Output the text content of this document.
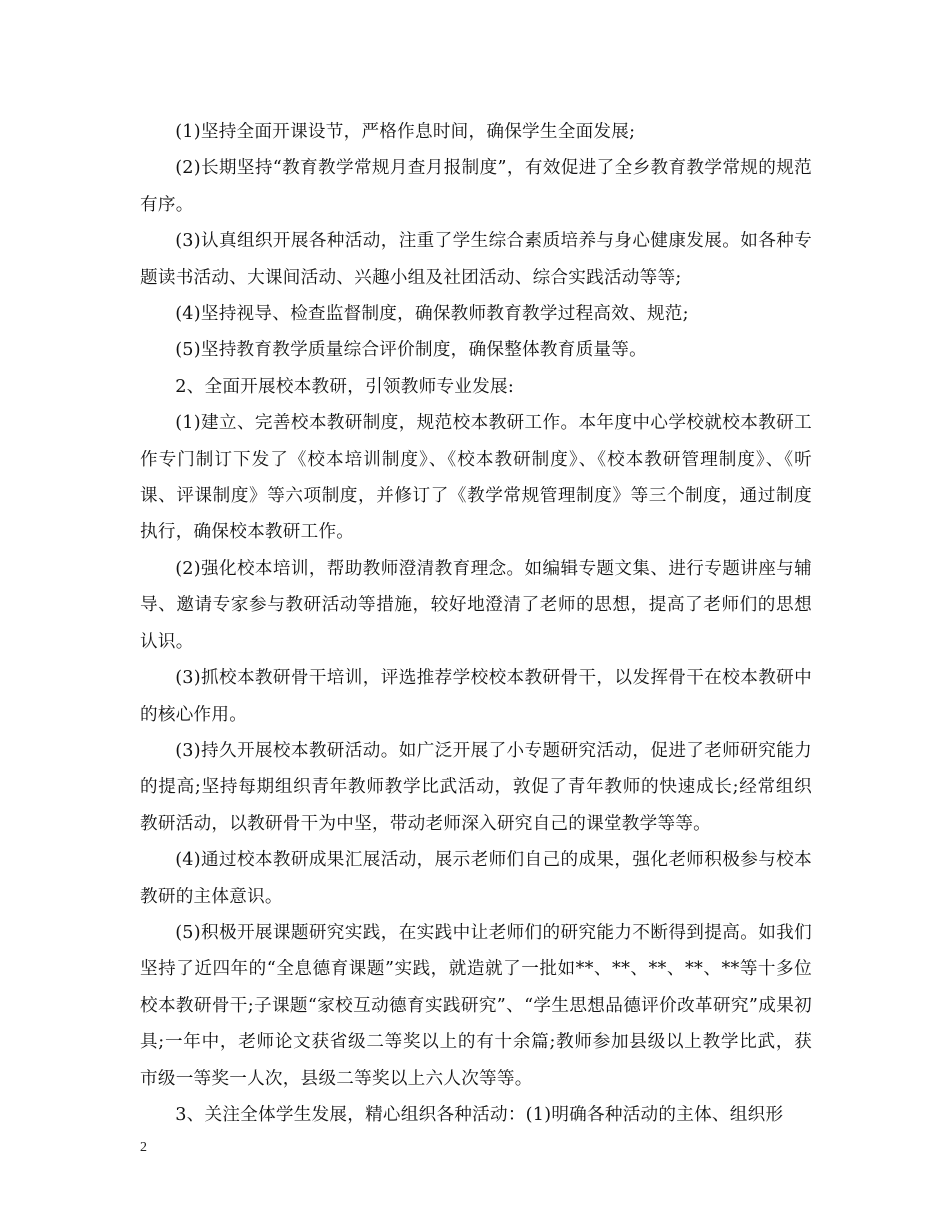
(1)坚持全面开课设节，严格作息时间，确保学生全面发展;

(2)长期坚持“教育教学常规月查月报制度”，有效促进了全乡教育教学常规的规范有序。

(3)认真组织开展各种活动，注重了学生综合素质培养与身心健康发展。如各种专题读书活动、大课间活动、兴趣小组及社团活动、综合实践活动等等;

(4)坚持视导、检查监督制度，确保教师教育教学过程高效、规范;

(5)坚持教育教学质量综合评价制度，确保整体教育质量等。

2、全面开展校本教研，引领教师专业发展:

(1)建立、完善校本教研制度，规范校本教研工作。本年度中心学校就校本教研工作专门制订下发了《校本培训制度》、《校本教研制度》、《校本教研管理制度》、《听课、评课制度》等六项制度，并修订了《教学常规管理制度》等三个制度，通过制度执行，确保校本教研工作。

(2)强化校本培训，帮助教师澄清教育理念。如编辑专题文集、进行专题讲座与辅导、邀请专家参与教研活动等措施，较好地澄清了老师的思想，提高了老师们的思想认识。

(3)抓校本教研骨干培训，评选推荐学校校本教研骨干，以发挥骨干在校本教研中的核心作用。

(3)持久开展校本教研活动。如广泛开展了小专题研究活动，促进了老师研究能力的提高;坚持每期组织青年教师教学比武活动，敦促了青年教师的快速成长;经常组织教研活动，以教研骨干为中坚，带动老师深入研究自己的课堂教学等等。

(4)通过校本教研成果汇展活动，展示老师们自己的成果，强化老师积极参与校本教研的主体意识。

(5)积极开展课题研究实践，在实践中让老师们的研究能力不断得到提高。如我们坚持了近四年的“全息德育课题”实践，就造就了一批如**、**、**、**、**等十多位校本教研骨干;子课题“家校互动德育实践研究”、“学生思想品德评价改革研究”成果初具;一年中，老师论文获省级二等奖以上的有十余篇;教师参加县级以上教学比武，获市级一等奖一人次，县级二等奖以上六人次等等。

3、关注全体学生发展，精心组织各种活动：(1)明确各种活动的主体、组织形

2
